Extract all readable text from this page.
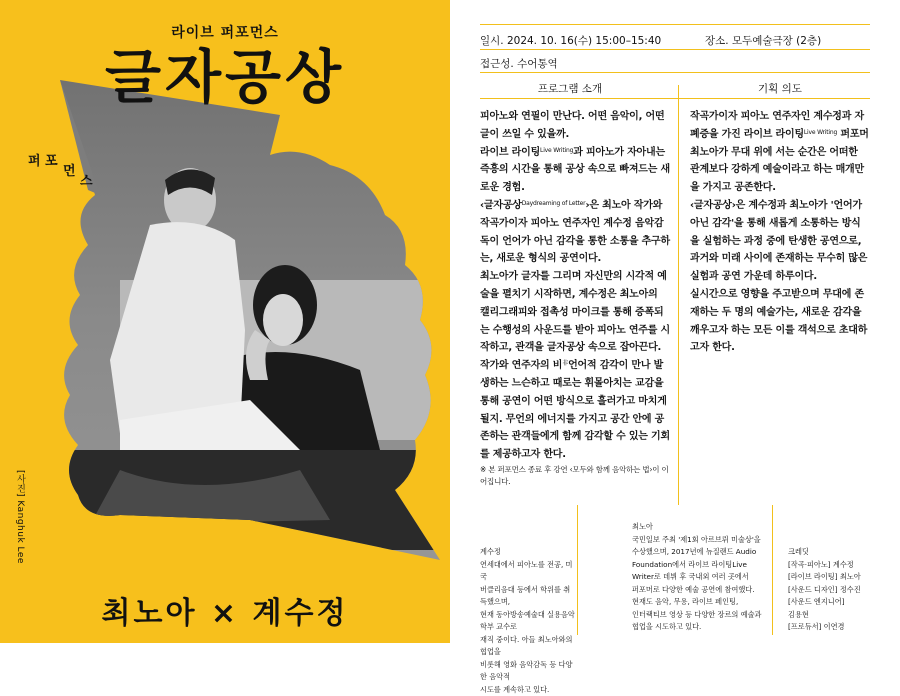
라이브 퍼포먼스
글자공상
퍼 포
먼
스
[사진] Kanghuk Lee
최노아 × 계수정
일시. 2024. 10. 16(수) 15:00–15:40	장소. 모두예술극장 (2층)
접근성. 수어통역
프로그램 소개	기획 의도
피아노와 연필이 만난다. 어떤 음악이, 어떤 글이 쓰일 수 있을까.
라이브 라이팅$^{Live Writing}$과 피아노가 자아내는 즉흥의 시간을 통해 공상 속으로 빠져드는 새로운 경험.
‹글자공상$^{Daydreaming of Letter}$›은 최노아 작가와 작곡가이자 피아노 연주자인 계수정 음악감독이 언어가 아닌 감각을 통한 소통을 추구하는, 새로운 형식의 공연이다.
최노아가 글자를 그리며 자신만의 시각적 예술을 펼치기 시작하면, 계수정은 최노아의 캘리그래피와 접촉성 마이크를 통해 증폭되는 수행성의 사운드를 받아 피아노 연주를 시작하고, 관객을 글자공상 속으로 잡아끈다.
작가와 연주자의 비$^非$언어적 감각이 만나 발생하는 느슨하고 때로는 휘몰아치는 교감을 통해 공연이 어떤 방식으로 흘러가고 마치게 될지. 무언의 에너지를 가지고 공간 안에 공존하는 관객들에게 함께 감각할 수 있는 기회를 제공하고자 한다.
※ 본 퍼포먼스 종료 후 강연 ‹모두와 함께 음악하는 법›이 이어집니다.
작곡가이자 피아노 연주자인 계수정과 자폐증을 가진 라이브 라이팅$^{Live Writing}$ 퍼포머 최노아가 무대 위에 서는 순간은 어떠한 관계보다 강하게 예술이라고 하는 매개만을 가지고 공존한다.
‹글자공상›은 계수정과 최노아가 '언어가 아닌 감각'을 통해 새롭게 소통하는 방식을 실험하는 과정 중에 탄생한 공연으로, 과거와 미래 사이에 존재하는 무수히 많은 실험과 공연 가운데 하루이다.
실시간으로 영향을 주고받으며 무대에 존재하는 두 명의 예술가는, 새로운 감각을 깨우고자 하는 모든 이를 객석으로 초대하고자 한다.
계수정
연세대에서 피아노를 전공, 미국
버클리음대 등에서 학위를 취득했으며,
현재 동아방송예술대 실용음악학부 교수로
재직 중이다. 아들 최노아와의 협업을
비롯해 영화 음악감독 등 다양한 음악적
시도를 계속하고 있다.
최노아
국민일보 주최 '제1회 아르브뤼 미술상'을
수상했으며, 2017년에 뉴질랜드 Audio
Foundation에서 라이브 라이팅Live
Writer로 데뷔 후 국내외 여러 곳에서
퍼포머로 다양한 예술 공연에 참여했다.
현재도 음악, 무용, 라이브 페인팅,
인터랙티브 영상 등 다양한 장르의 예술과
협업을 시도하고 있다.
크레딧
[작곡·피아노] 계수정
[라이브 라이팅] 최노아
[사운드 디자인] 정수진
[사운드 엔지니어]
김용현
[프로듀서] 이연경
